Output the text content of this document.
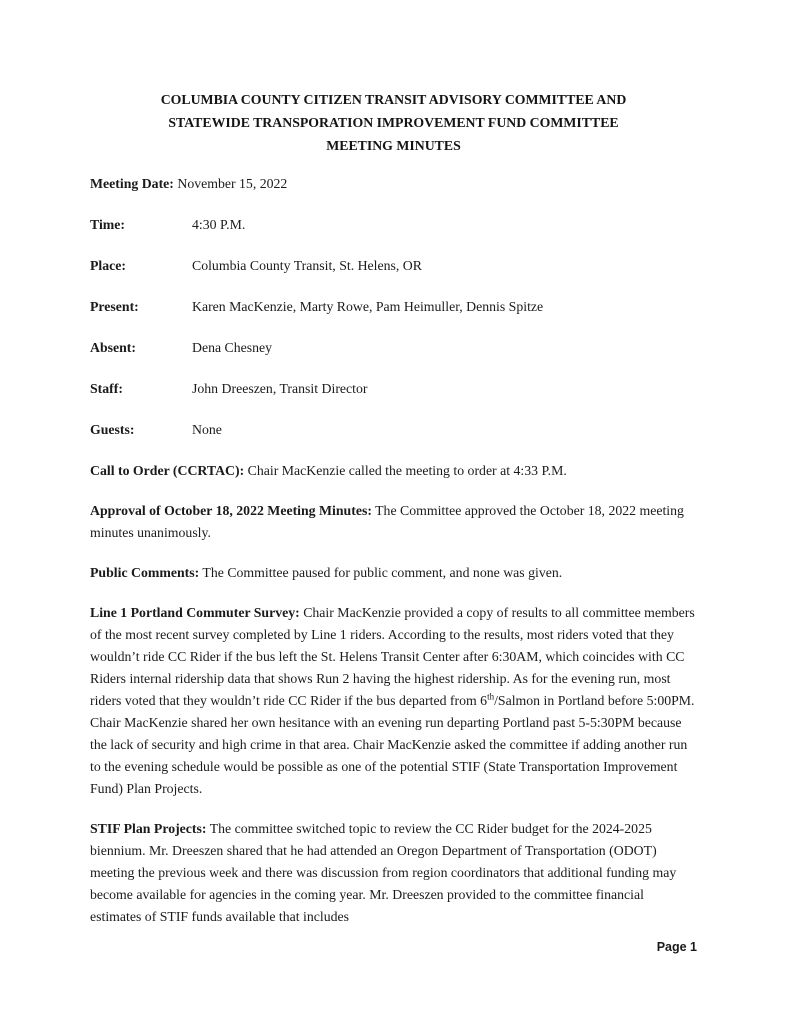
COLUMBIA COUNTY CITIZEN TRANSIT ADVISORY COMMITTEE AND
STATEWIDE TRANSPORATION IMPROVEMENT FUND COMMITTEE
MEETING MINUTES

Meeting Date: November 15, 2022

Time:	4:30 P.M.
Place:	Columbia County Transit, St. Helens, OR
Present:	Karen MacKenzie, Marty Rowe, Pam Heimuller, Dennis Spitze
Absent:	Dena Chesney
Staff:	John Dreeszen, Transit Director
Guests:	None

Call to Order (CCRTAC): Chair MacKenzie called the meeting to order at 4:33 P.M.

Approval of October 18, 2022 Meeting Minutes: The Committee approved the October 18, 2022 meeting minutes unanimously.

Public Comments: The Committee paused for public comment, and none was given.

Line 1 Portland Commuter Survey: Chair MacKenzie provided a copy of results to all committee members of the most recent survey completed by Line 1 riders. According to the results, most riders voted that they wouldn’t ride CC Rider if the bus left the St. Helens Transit Center after 6:30AM, which coincides with CC Riders internal ridership data that shows Run 2 having the highest ridership. As for the evening run, most riders voted that they wouldn’t ride CC Rider if the bus departed from 6th/Salmon in Portland before 5:00PM. Chair MacKenzie shared her own hesitance with an evening run departing Portland past 5-5:30PM because the lack of security and high crime in that area. Chair MacKenzie asked the committee if adding another run to the evening schedule would be possible as one of the potential STIF (State Transportation Improvement Fund) Plan Projects.

STIF Plan Projects: The committee switched topic to review the CC Rider budget for the 2024-2025 biennium. Mr. Dreeszen shared that he had attended an Oregon Department of Transportation (ODOT) meeting the previous week and there was discussion from region coordinators that additional funding may become available for agencies in the coming year. Mr. Dreeszen provided to the committee financial estimates of STIF funds available that includes

Page 1
